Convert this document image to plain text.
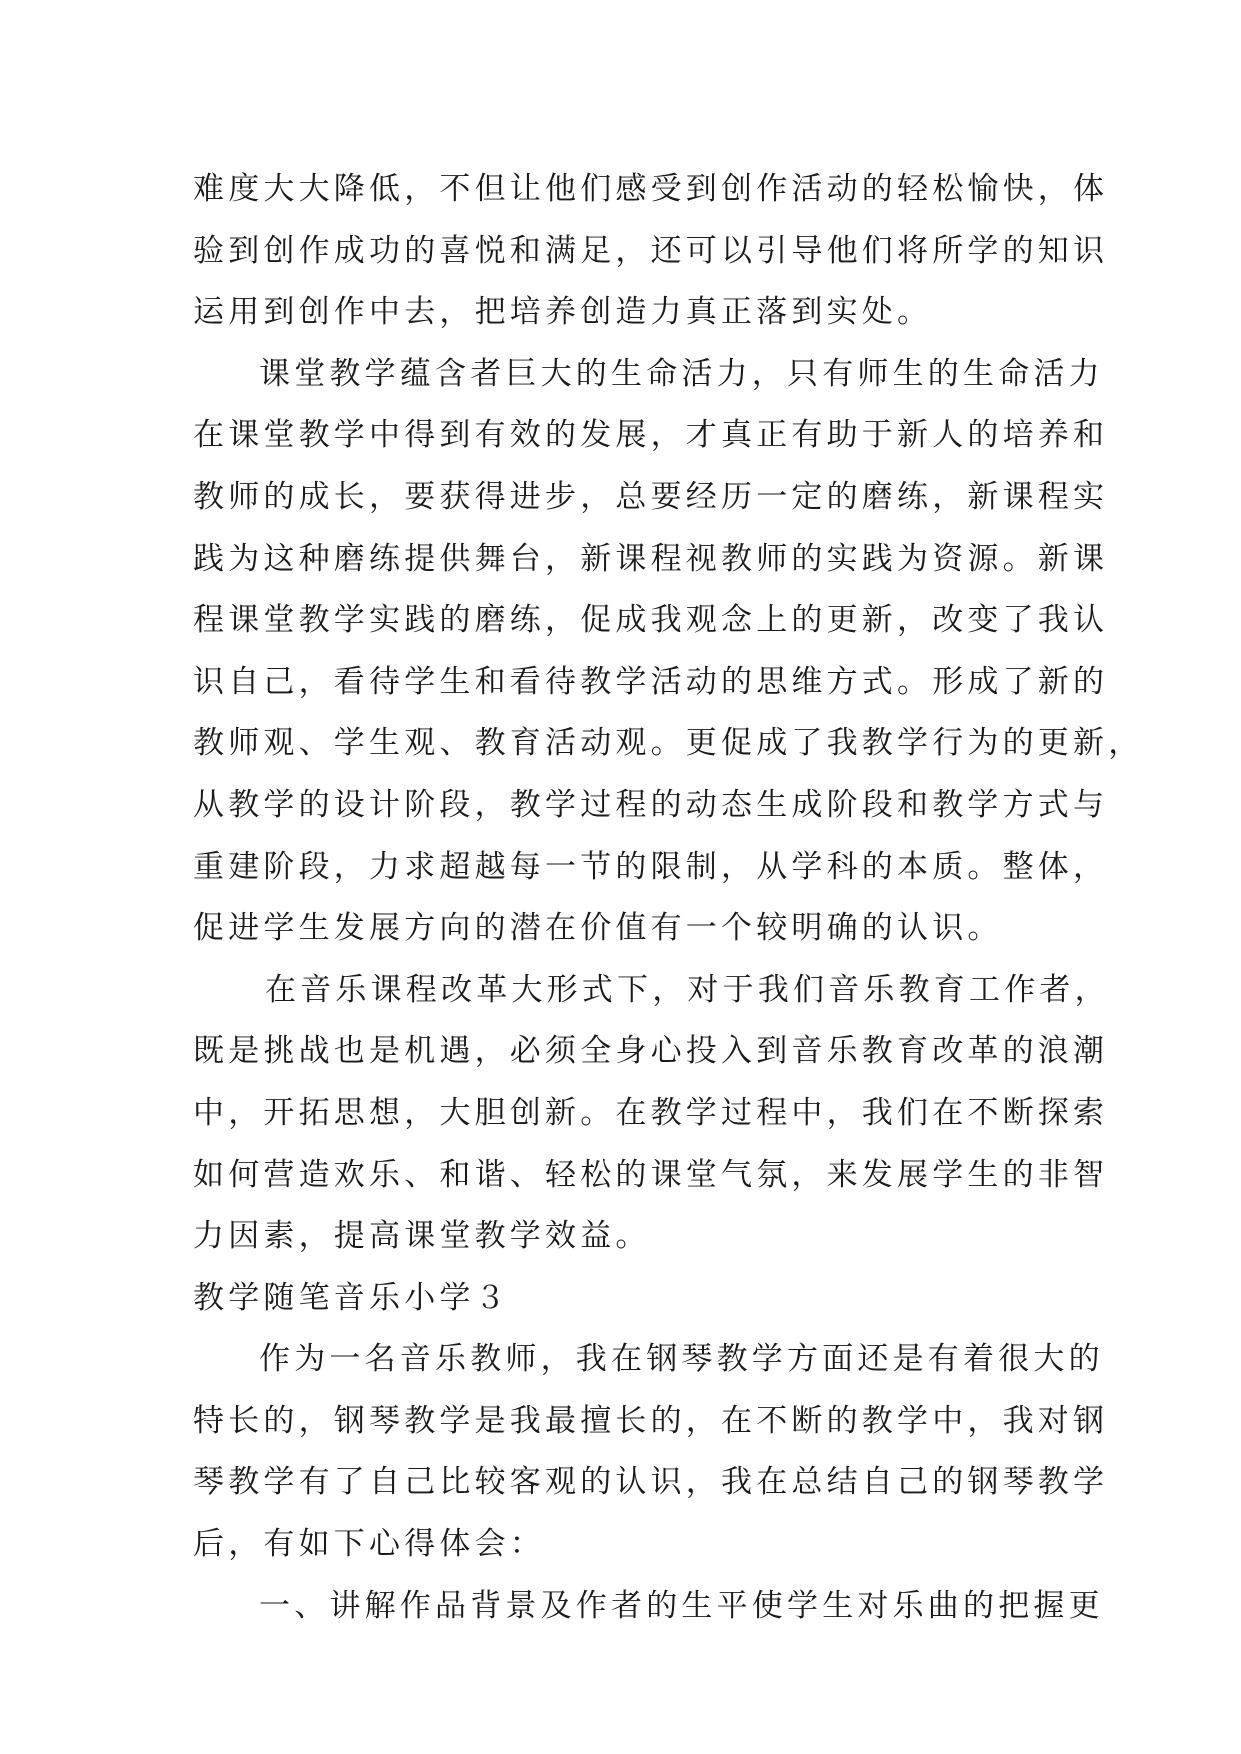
难度大大降低，不但让他们感受到创作活动的轻松愉快，体
验到创作成功的喜悦和满足，还可以引导他们将所学的知识
运用到创作中去，把培养创造力真正落到实处。
课堂教学蕴含者巨大的生命活力，只有师生的生命活力
在课堂教学中得到有效的发展，才真正有助于新人的培养和
教师的成长，要获得进步，总要经历一定的磨练，新课程实
践为这种磨练提供舞台，新课程视教师的实践为资源。新课
程课堂教学实践的磨练，促成我观念上的更新，改变了我认
识自己，看待学生和看待教学活动的思维方式。形成了新的
教师观、学生观、教育活动观。更促成了我教学行为的更新，
从教学的设计阶段，教学过程的动态生成阶段和教学方式与
重建阶段，力求超越每一节的限制，从学科的本质。整体，
促进学生发展方向的潜在价值有一个较明确的认识。
在音乐课程改革大形式下，对于我们音乐教育工作者，
既是挑战也是机遇，必须全身心投入到音乐教育改革的浪潮
中，开拓思想，大胆创新。在教学过程中，我们在不断探索
如何营造欢乐、和谐、轻松的课堂气氛，来发展学生的非智
力因素，提高课堂教学效益。
教学随笔音乐小学３
作为一名音乐教师，我在钢琴教学方面还是有着很大的
特长的，钢琴教学是我最擅长的，在不断的教学中，我对钢
琴教学有了自己比较客观的认识，我在总结自己的钢琴教学
后，有如下心得体会：
一、讲解作品背景及作者的生平使学生对乐曲的把握更
